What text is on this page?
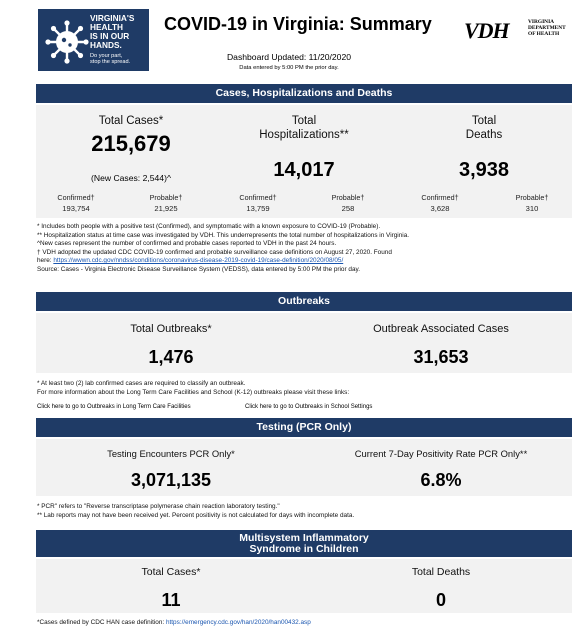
VIRGINIA'S
HEALTH
IS IN OUR
HANDS.
Do your part,
stop the spread.
COVID-19 in Virginia: Summary
Dashboard Updated: 11/20/2020
Data entered by 5:00 PM the prior day.
VDH	VIRGINIA
DEPARTMENT
OF HEALTH
Cases, Hospitalizations and Deaths
Total Cases*
215,679
(New Cases: 2,544)^
Confirmed†
193,754
Probable†
21,925
Total
Hospitalizations**
14,017
Confirmed†
13,759
Probable†
258
Total
Deaths
3,938
Confirmed†
3,628
Probable†
310
* Includes both people with a positive test (Confirmed), and symptomatic with a known exposure to COVID-19 (Probable).
** Hospitalization status at time case was investigated by VDH. This underrepresents the total number of hospitalizations in Virginia.
^New cases represent the number of confirmed and probable cases reported to VDH in the past 24 hours.
† VDH adopted the updated CDC COVID-19 confirmed and probable surveillance case definitions on August 27, 2020. Found
here: https://wwwn.cdc.gov/nndss/conditions/coronavirus-disease-2019-covid-19/case-definition/2020/08/05/
Source: Cases - Virginia Electronic Disease Surveillance System (VEDSS), data entered by 5:00 PM the prior day.
Outbreaks
Total Outbreaks*
1,476
Outbreak Associated Cases
31,653
* At least two (2) lab confirmed cases are required to classify an outbreak.
For more information about the Long Term Care Facilities and School (K-12) outbreaks please visit these links:
Click here to go to Outbreaks in Long Term Care Facilities	Click here to go to Outbreaks in School Settings
Testing (PCR Only)
Testing Encounters PCR Only*
3,071,135
Current 7-Day Positivity Rate PCR Only**
6.8%
* PCR" refers to "Reverse transcriptase polymerase chain reaction laboratory testing."
** Lab reports may not have been received yet. Percent positivity is not calculated for days with incomplete data.
Multisystem Inflammatory
Syndrome in Children
Total Cases*
11
Total Deaths
0
*Cases defined by CDC HAN case definition: https://emergency.cdc.gov/han/2020/han00432.asp
